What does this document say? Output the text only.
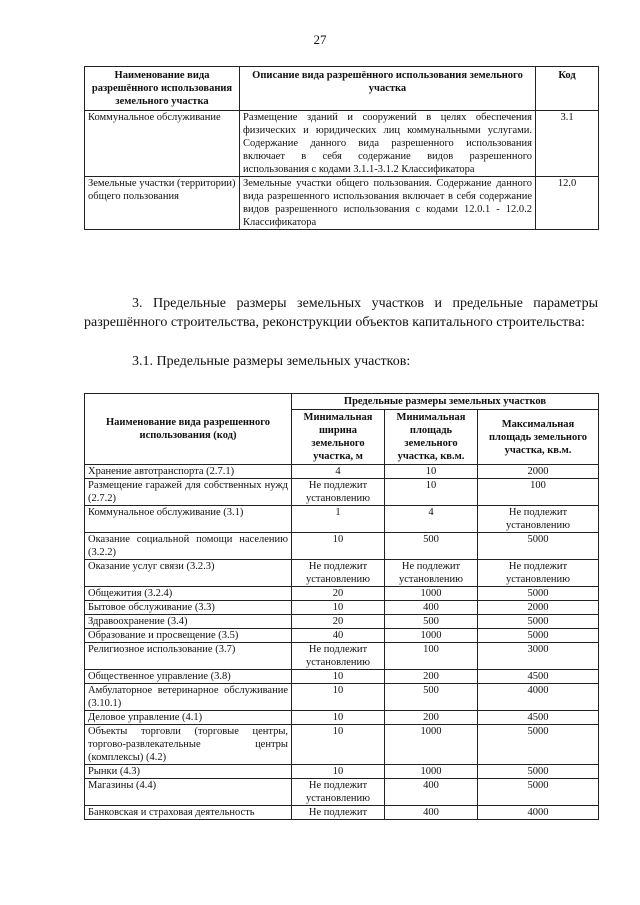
27
Наименование вида разрешённого использования земельного участка	Описание вида разрешённого использования земельного участка	Код
Коммунальное обслуживание	Размещение зданий и сооружений в целях обеспечения физических и юридических лиц коммунальными услугами. Содержание данного вида разрешенного использования включает в себя содержание видов разрешенного использования с кодами 3.1.1-3.1.2 Классификатора	3.1
Земельные участки (территории) общего пользования	Земельные участки общего пользования. Содержание данного вида разрешенного использования включает в себя содержание видов разрешенного использования с кодами 12.0.1 - 12.0.2 Классификатора	12.0
3. Предельные размеры земельных участков и предельные параметры разрешённого строительства, реконструкции объектов капитального строительства:
3.1. Предельные размеры земельных участков:
Наименование вида разрешенного использования (код)	Предельные размеры земельных участков		
	Минимальная ширина земельного участка, м	Минимальная площадь земельного участка, кв.м.	Максимальная площадь земельного участка, кв.м.
Хранение автотранспорта (2.7.1)	4	10	2000
Размещение гаражей для собственных нужд (2.7.2)	Не подлежит установлению	10	100
Коммунальное обслуживание (3.1)	1	4	Не подлежит установлению
Оказание социальной помощи населению (3.2.2)	10	500	5000
Оказание услуг связи (3.2.3)	Не подлежит установлению	Не подлежит установлению	Не подлежит установлению
Общежития (3.2.4)	20	1000	5000
Бытовое обслуживание (3.3)	10	400	2000
Здравоохранение (3.4)	20	500	5000
Образование и просвещение (3.5)	40	1000	5000
Религиозное использование (3.7)	Не подлежит установлению	100	3000
Общественное управление (3.8)	10	200	4500
Амбулаторное ветеринарное обслуживание (3.10.1)	10	500	4000
Деловое управление (4.1)	10	200	4500
Объекты торговли (торговые центры, торгово-развлекательные центры (комплексы) (4.2)	10	1000	5000
Рынки (4.3)	10	1000	5000
Магазины (4.4)	Не подлежит установлению	400	5000
Банковская и страховая деятельность	Не подлежит	400	4000
